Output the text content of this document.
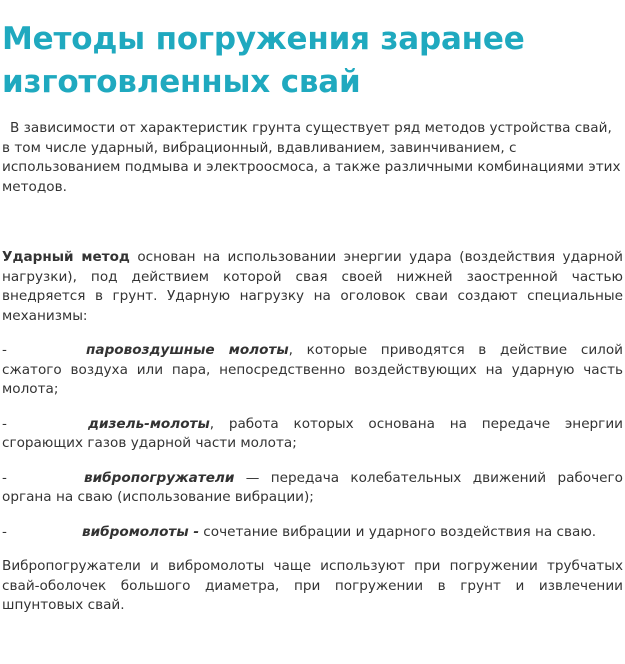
Методы погружения заранее
изготовленных свай

В зависимости от характеристик грунта существует ряд методов устройства свай, в том числе ударный, вибрационный, вдавливанием, завинчиванием, с использованием подмыва и электроосмоса, а также различными комбинациями этих методов.

Ударный метод основан на использовании энергии удара (воздействия ударной нагрузки), под действием которой свая своей нижней заостренной частью внедряется в грунт. Ударную нагрузку на оголовок сваи создают специальные механизмы:

-	паровоздушные молоты, которые приводятся в действие силой сжатого воздуха или пара, непосредственно воздействующих на ударную часть молота;

-	дизель-молоты, работа которых основана на передаче энергии сгорающих газов ударной части молота;

-	вибропогружатели — передача колебательных движений рабочего органа на сваю (использование вибрации);

-	вибромолоты - сочетание вибрации и ударного воздействия на сваю.

Вибропогружатели и вибромолоты чаще используют при погружении трубчатых свай-оболочек большого диаметра, при погружении в грунт и извлечении шпунтовых свай.
